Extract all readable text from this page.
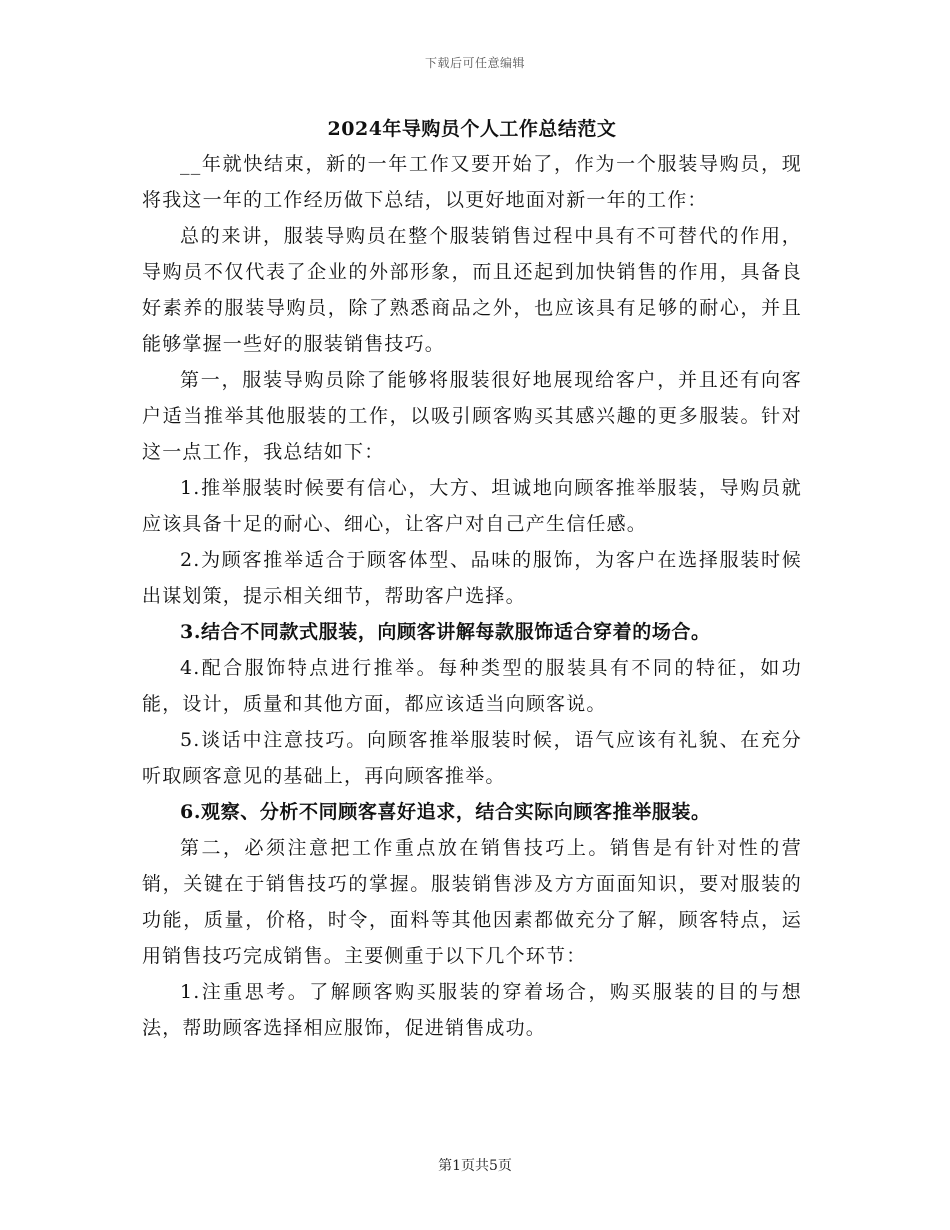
下载后可任意编辑
2024年导购员个人工作总结范文

__年就快结束，新的一年工作又要开始了，作为一个服装导购员，现将我这一年的工作经历做下总结，以更好地面对新一年的工作：

总的来讲，服装导购员在整个服装销售过程中具有不可替代的作用，导购员不仅代表了企业的外部形象，而且还起到加快销售的作用，具备良好素养的服装导购员，除了熟悉商品之外，也应该具有足够的耐心，并且能够掌握一些好的服装销售技巧。

第一，服装导购员除了能够将服装很好地展现给客户，并且还有向客户适当推举其他服装的工作，以吸引顾客购买其感兴趣的更多服装。针对这一点工作，我总结如下：

1.推举服装时候要有信心，大方、坦诚地向顾客推举服装，导购员就应该具备十足的耐心、细心，让客户对自己产生信任感。

2.为顾客推举适合于顾客体型、品味的服饰，为客户在选择服装时候出谋划策，提示相关细节，帮助客户选择。

3.结合不同款式服装，向顾客讲解每款服饰适合穿着的场合。

4.配合服饰特点进行推举。每种类型的服装具有不同的特征，如功能，设计，质量和其他方面，都应该适当向顾客说。

5.谈话中注意技巧。向顾客推举服装时候，语气应该有礼貌、在充分听取顾客意见的基础上，再向顾客推举。

6.观察、分析不同顾客喜好追求，结合实际向顾客推举服装。

第二，必须注意把工作重点放在销售技巧上。销售是有针对性的营销，关键在于销售技巧的掌握。服装销售涉及方方面面知识，要对服装的功能，质量，价格，时令，面料等其他因素都做充分了解，顾客特点，运用销售技巧完成销售。主要侧重于以下几个环节：

1.注重思考。了解顾客购买服装的穿着场合，购买服装的目的与想法，帮助顾客选择相应服饰，促进销售成功。

第1页共5页
